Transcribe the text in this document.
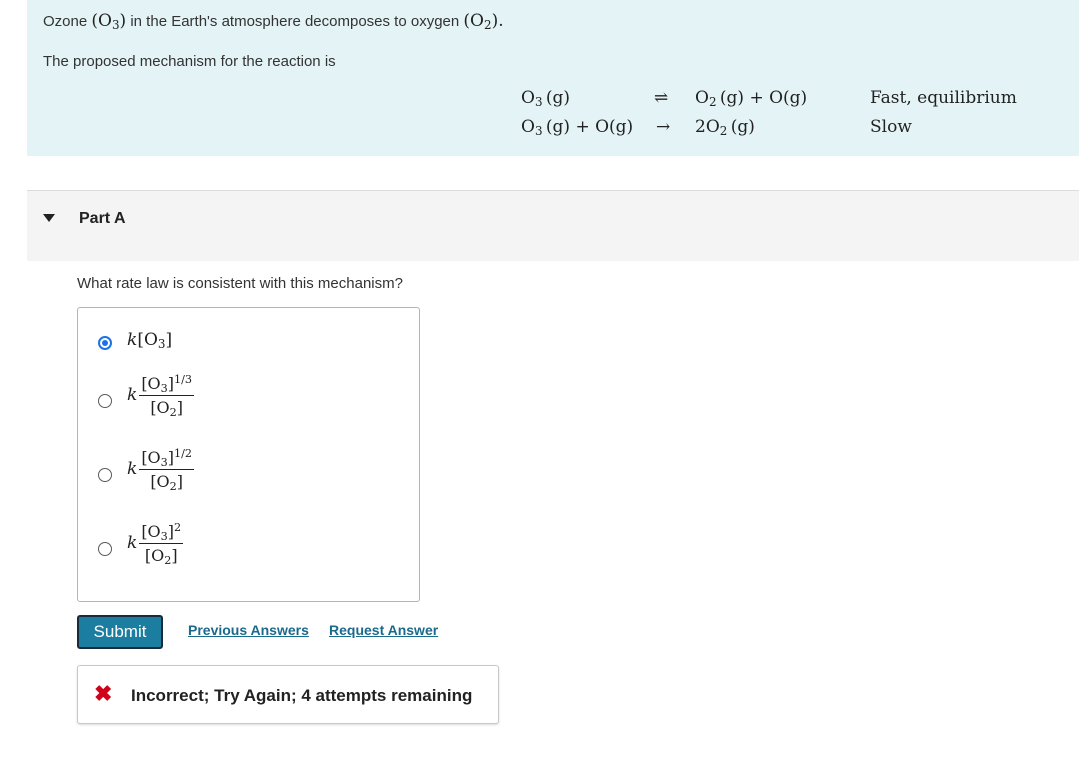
Ozone $(O_3)$ in the Earth's atmosphere decomposes to oxygen $(O_2)$.
The proposed mechanism for the reaction is
$O_3$ (g)	⇌ $O_2$ (g) + O(g)	Fast, equilibrium
$O_3$ $(g) + O(g) \to 2O_2$ (g)	Slow
Part A
What rate law is consistent with this mechanism?
$k[O_3]$
k $\frac{[O_3]^{1/3}}{[O_2]}$
k $\frac{[O_3]^{1/2}}{[O_2]}$
k $\frac{[O_3]^2}{[O_2]}$
Submit	Previous Answers Request Answer
✖ Incorrect; Try Again; 4 attempts remaining
